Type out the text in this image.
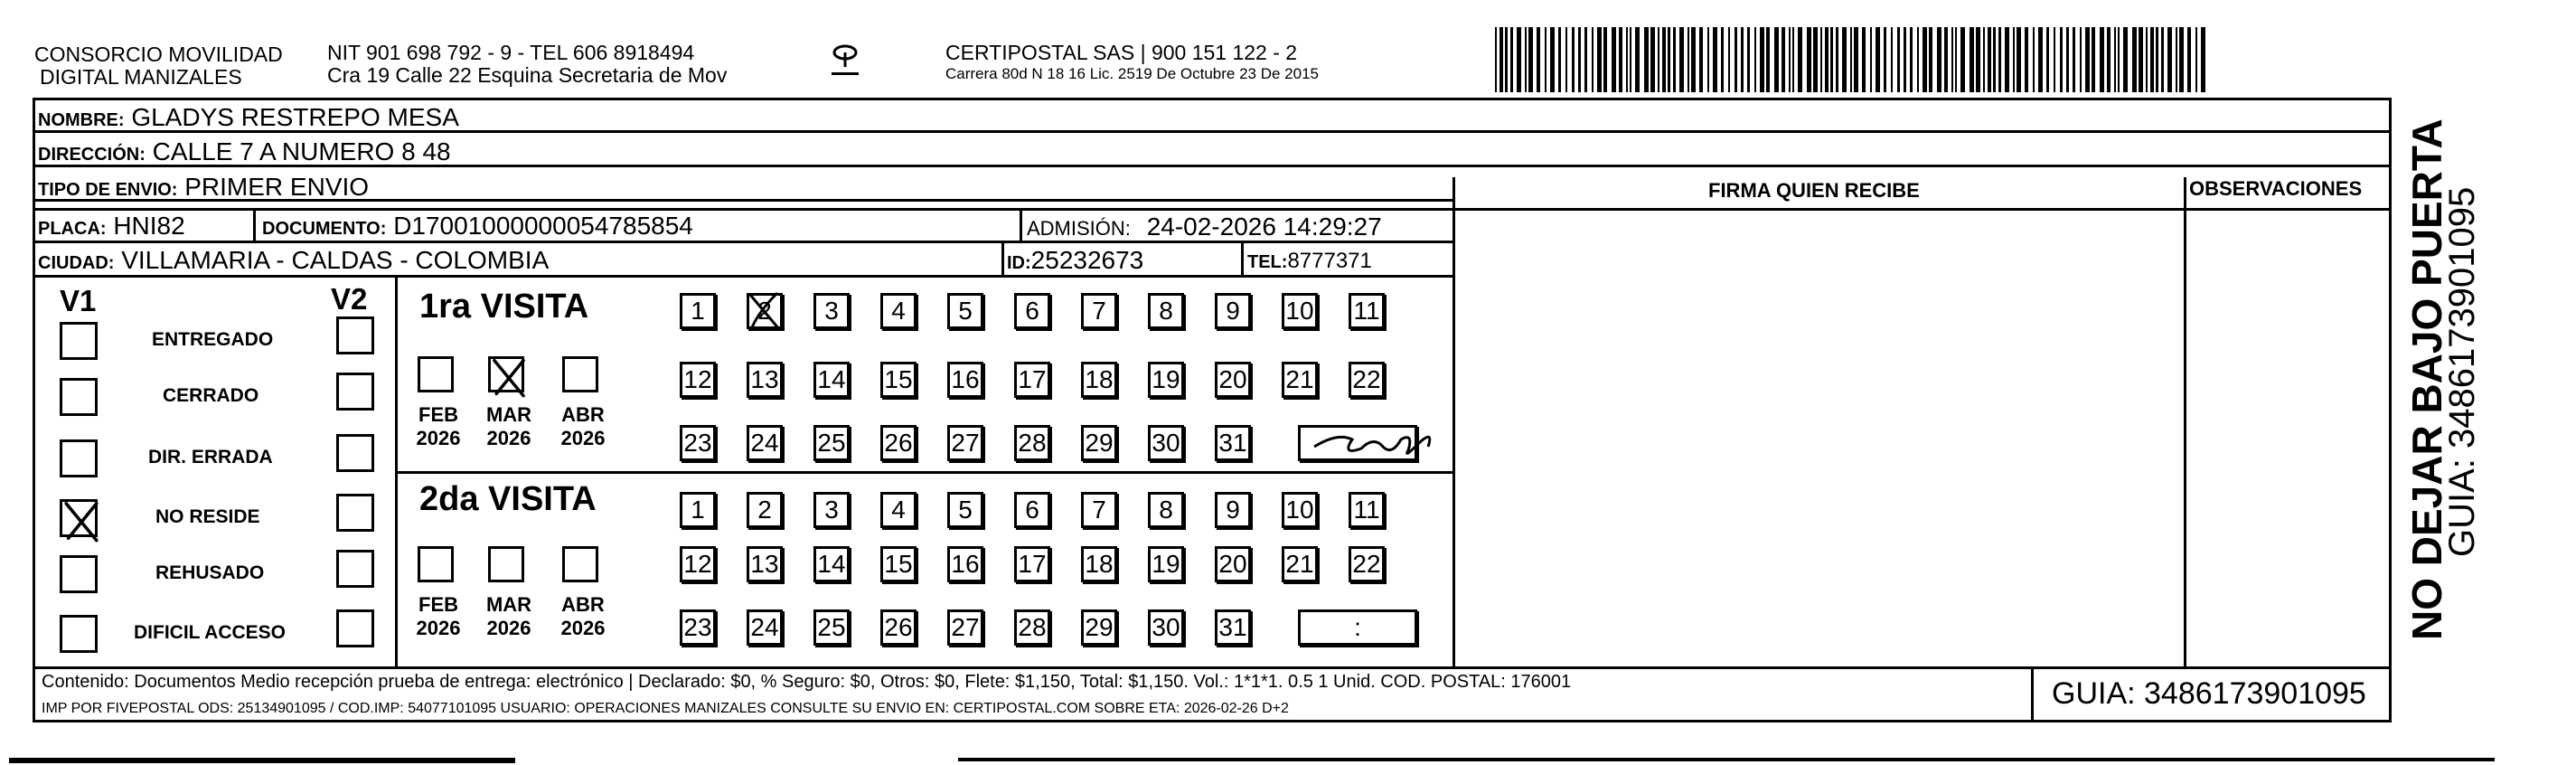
CONSORCIO MOVILIDAD
DIGITAL MANIZALES
NIT 901 698 792 - 9 - TEL 606 8918494
Cra 19 Calle 22 Esquina Secretaria de Mov
CERTIPOSTAL SAS | 900 151 122 - 2
Carrera 80d N 18 16 Lic. 2519 De Octubre 23 De 2015
NOMBRE: GLADYS RESTREPO MESA
DIRECCIÓN: CALLE 7 A NUMERO 8 48
TIPO DE ENVIO: PRIMER ENVIO	FIRMA QUIEN RECIBE	OBSERVACIONES
PLACA: HNI82	DOCUMENTO: D17001000000054785854	ADMISIÓN: 24-02-2026 14:29:27
CIUDAD: VILLAMARIA - CALDAS - COLOMBIA	ID:25232673	TEL:8777371
V1	V2
ENTREGADO
CERRADO
DIR. ERRADA
NO RESIDE
REHUSADO
DIFICIL ACCESO
1ra VISITA
2da VISITA
FEB
2026
MAR
2026
ABR
2026
FEB
2026
MAR
2026
ABR
2026
1	2	3	4	5	6	7	8	9	10 11
12 13 14 15 16 17 18 19 20 21 22
23 24 25 26 27 28 29 30 31
1	2	3	4	5	6	7	8	9	10 11
12 13 14 15 16 17 18 19 20 21 22
23 24 25 26 27 28 29 30 31	:
Contenido: Documentos Medio recepción prueba de entrega: electrónico | Declarado: $0, % Seguro: $0, Otros: $0, Flete: $1,150, Total: $1,150. Vol.: 1*1*1. 0.5 1 Unid. COD. POSTAL: 176001
IMP POR FIVEPOSTAL ODS: 25134901095 / COD.IMP: 54077101095 USUARIO: OPERACIONES MANIZALES CONSULTE SU ENVIO EN: CERTIPOSTAL.COM SOBRE ETA: 2026-02-26 D+2	GUIA: 3486173901095
NO DEJAR BAJO PUERTA
GUIA: 3486173901095
